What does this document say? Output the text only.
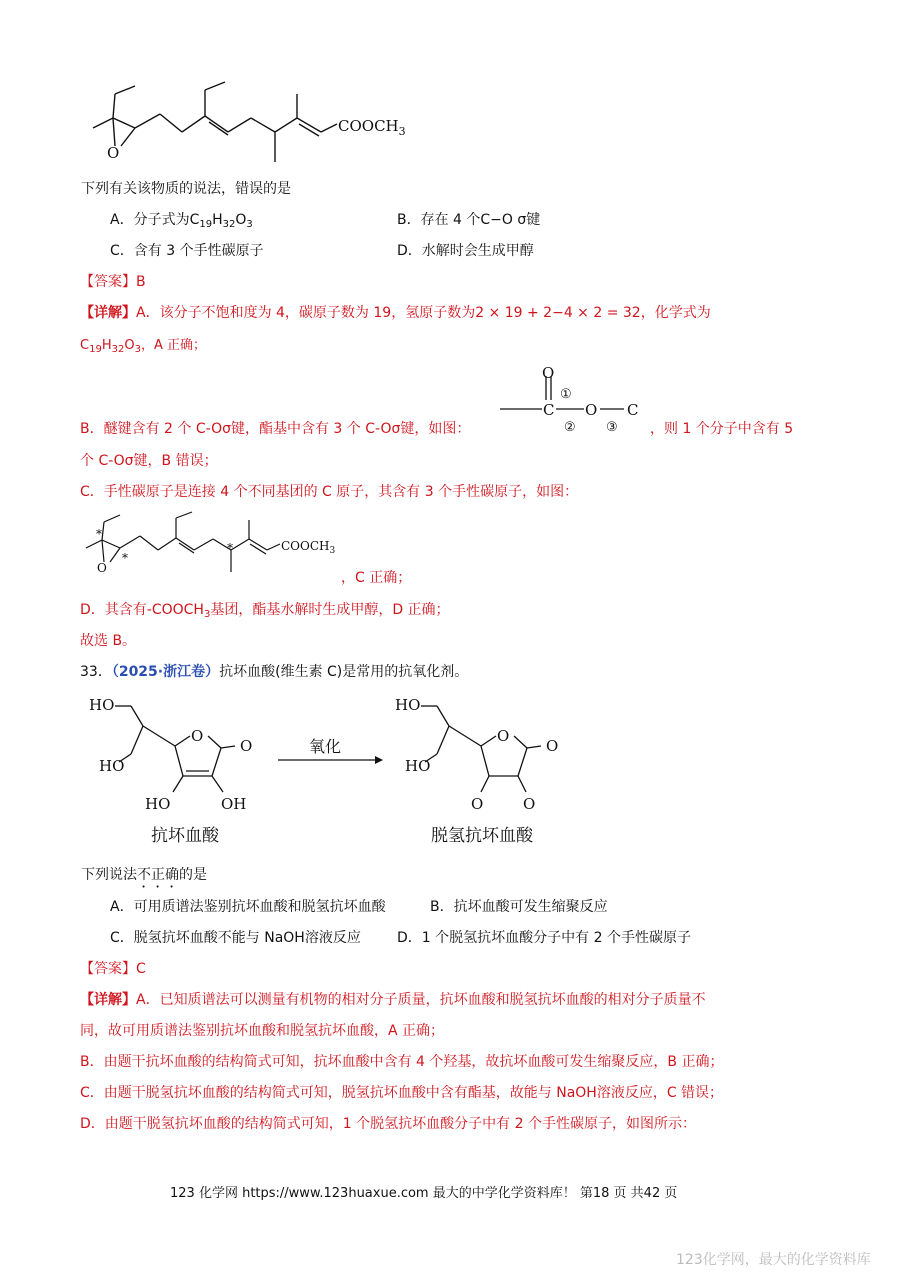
O
$COOCH_3$
下列有关该物质的说法，错误的是
A．分子式为$C_{19}H_{32}O_3$	B．存在 4 个C−O σ键
C．含有 3 个手性碳原子	D．水解时会生成甲醇
【答案】B
【详解】A．该分子不饱和度为 4，碳原子数为 19，氢原子数为2 × 19 + 2−4 × 2 = 32，化学式为
$C_{19}H_{32}O_3$，A 正确；
O
①
C O C
② ③
B．醚键含有 2 个 C-Oσ键，酯基中含有 3 个 C-Oσ键，如图：	，则 1 个分子中含有 5
个 C-Oσ键，B 错误；
C．手性碳原子是连接 4 个不同基团的 C 原子，其含有 3 个手性碳原子，如图：
*
*
*
O
$COOCH_3$
，C 正确；
D．其含有$-COOCH_3$基团，酯基水解时生成甲醇，D 正确；
故选 B。
33．（2025·浙江卷）抗坏血酸(维生素 C)是常用的抗氧化剂。
HO
HO
O
O
HO	OH
抗坏血酸
氧化
HO
HO
O
O
O	O
脱氢抗坏血酸
下列说法不正确的是
A．可用质谱法鉴别抗坏血酸和脱氢抗坏血酸	B．抗坏血酸可发生缩聚反应
C．脱氢抗坏血酸不能与 NaOH溶液反应	D．1 个脱氢抗坏血酸分子中有 2 个手性碳原子
【答案】C
【详解】A．已知质谱法可以测量有机物的相对分子质量，抗坏血酸和脱氢抗坏血酸的相对分子质量不
同，故可用质谱法鉴别抗坏血酸和脱氢抗坏血酸，A 正确；
B．由题干抗坏血酸的结构简式可知，抗坏血酸中含有 4 个羟基，故抗坏血酸可发生缩聚反应，B 正确；
C．由题干脱氢抗坏血酸的结构简式可知，脱氢抗坏血酸中含有酯基，故能与 NaOH溶液反应，C 错误；
D．由题干脱氢抗坏血酸的结构简式可知，1 个脱氢抗坏血酸分子中有 2 个手性碳原子，如图所示：
123 化学网 https://www.123huaxue.com 最大的中学化学资料库！ 第18 页 共42 页
123化学网，最大的化学资料库
